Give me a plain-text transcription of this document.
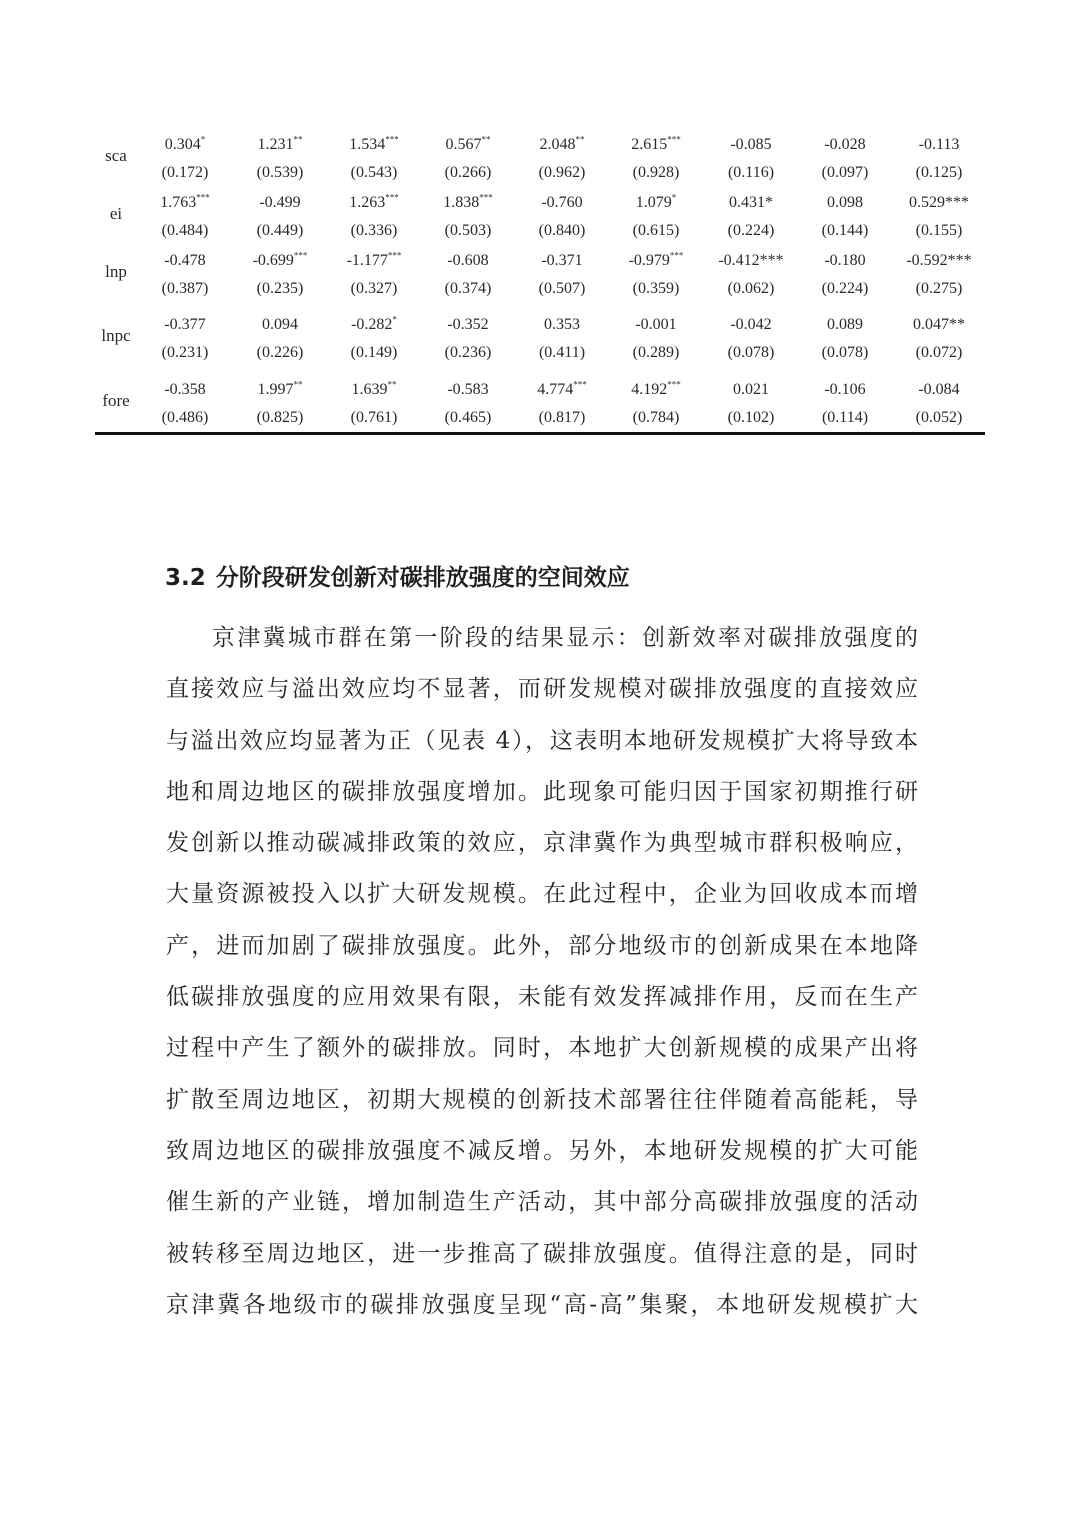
sca
0.304*
(0.172)
1.231**
(0.539)
1.534***
(0.543)
0.567**
(0.266)
2.048**
(0.962)
2.615***
(0.928)
-0.085
(0.116)
-0.028
(0.097)
-0.113
(0.125)
ei
1.763***
(0.484)
-0.499
(0.449)
1.263***
(0.336)
1.838***
(0.503)
-0.760
(0.840)
1.079*
(0.615)
0.431*
(0.224)
0.098
(0.144)
0.529***
(0.155)
lnp
-0.478
(0.387)
-0.699***
(0.235)
-1.177***
(0.327)
-0.608
(0.374)
-0.371
(0.507)
-0.979***
(0.359)
-0.412***
(0.062)
-0.180
(0.224)
-0.592***
(0.275)
lnpc
-0.377
(0.231)
0.094
(0.226)
-0.282*
(0.149)
-0.352
(0.236)
0.353
(0.411)
-0.001
(0.289)
-0.042
(0.078)
0.089
(0.078)
0.047**
(0.072)
fore
-0.358
(0.486)
1.997**
(0.825)
1.639**
(0.761)
-0.583
(0.465)
4.774***
(0.817)
4.192***
(0.784)
0.021
(0.102)
-0.106
(0.114)
-0.084
(0.052)
3.2 分阶段研发创新对碳排放强度的空间效应
京津冀城市群在第一阶段的结果显示：创新效率对碳排放强度的
直接效应与溢出效应均不显著，而研发规模对碳排放强度的直接效应
与溢出效应均显著为正（见表 4），这表明本地研发规模扩大将导致本
地和周边地区的碳排放强度增加。此现象可能归因于国家初期推行研
发创新以推动碳减排政策的效应，京津冀作为典型城市群积极响应，
大量资源被投入以扩大研发规模。在此过程中，企业为回收成本而增
产，进而加剧了碳排放强度。此外，部分地级市的创新成果在本地降
低碳排放强度的应用效果有限，未能有效发挥减排作用，反而在生产
过程中产生了额外的碳排放。同时，本地扩大创新规模的成果产出将
扩散至周边地区，初期大规模的创新技术部署往往伴随着高能耗，导
致周边地区的碳排放强度不减反增。另外，本地研发规模的扩大可能
催生新的产业链，增加制造生产活动，其中部分高碳排放强度的活动
被转移至周边地区，进一步推高了碳排放强度。值得注意的是，同时
京津冀各地级市的碳排放强度呈现“高-高”集聚，本地研发规模扩大
